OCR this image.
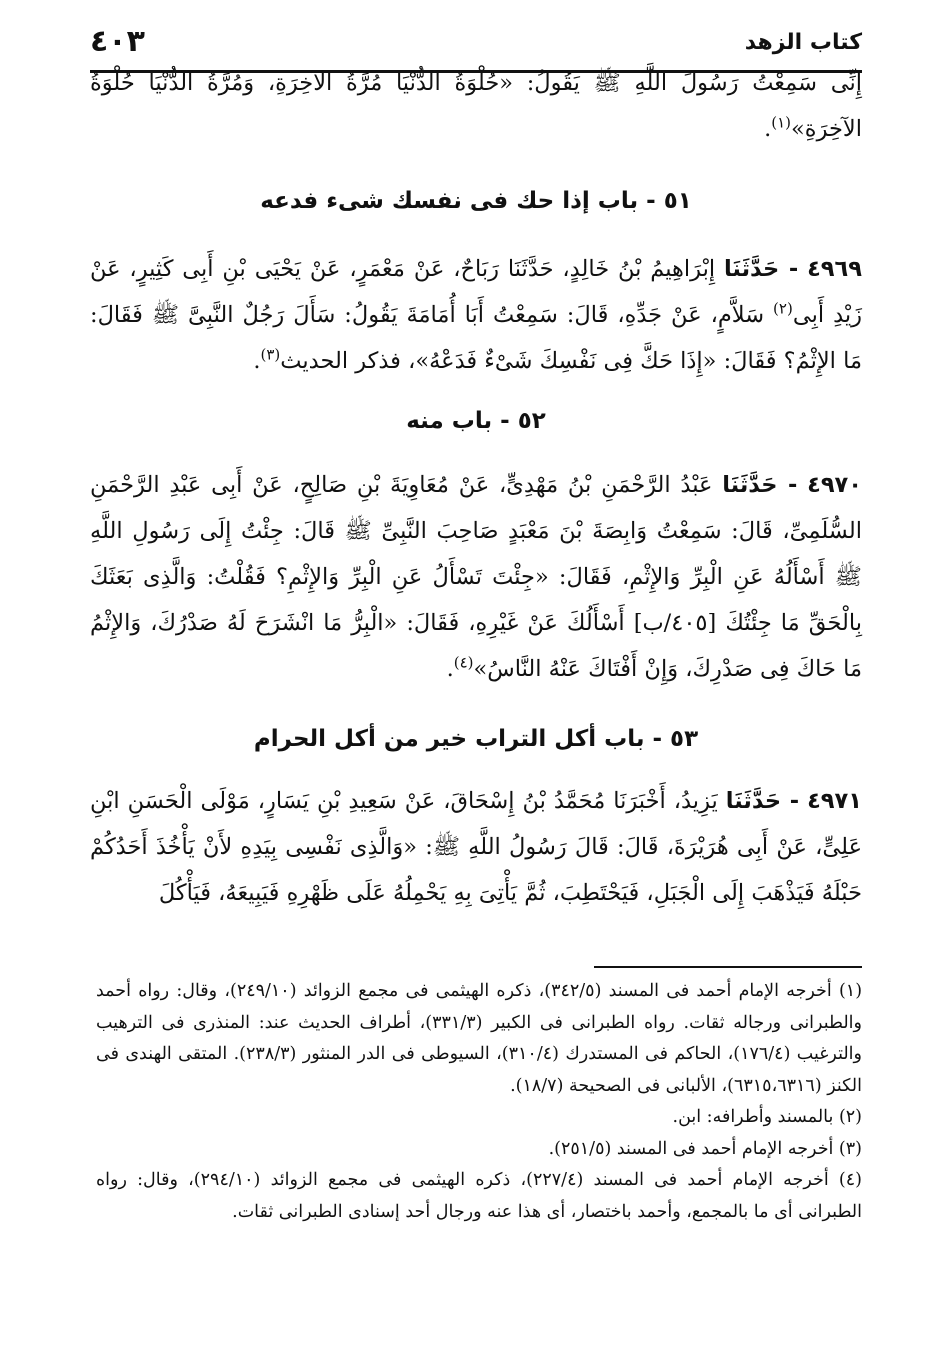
كتاب الزهد
٤٠٣

إِنِّى سَمِعْتُ رَسُولَ اللَّهِ ﷺ يَقُولُ: «حُلْوَةُ الدُّنْيَا مُرَّةُ الآخِرَةِ، وَمُرَّةُ الدُّنْيَا حُلْوَةُ الآخِرَةِ»$^{(١)}$.

٥١ - باب إذا حك فى نفسك شىء فدعه

٤٩٦٩ - حَدَّثَنَا إِبْرَاهِيمُ بْنُ خَالِدٍ، حَدَّثَنَا رَبَاحٌ، عَنْ مَعْمَرٍ، عَنْ يَحْيَى بْنِ أَبِى كَثِيرٍ، عَنْ زَيْدِ أَبِى$^{(٢)}$ سَلاَّمٍ، عَنْ جَدِّهِ، قَالَ: سَمِعْتُ أَبَا أُمَامَةَ يَقُولُ: سَأَلَ رَجُلٌ النَّبِىَّ ﷺ فَقَالَ: مَا الإِثْمُ؟ فَقَالَ: «إِذَا حَكَّ فِى نَفْسِكَ شَىْءٌ فَدَعْهُ»، فذكر الحديث$^{(٣)}$.

٥٢ - باب منه

٤٩٧٠ - حَدَّثَنَا عَبْدُ الرَّحْمَنِ بْنُ مَهْدِىٍّ، عَنْ مُعَاوِيَةَ بْنِ صَالِحٍ، عَنْ أَبِى عَبْدِ الرَّحْمَنِ السُّلَمِىِّ، قَالَ: سَمِعْتُ وَابِصَةَ بْنَ مَعْبَدٍ صَاحِبَ النَّبِىِّ ﷺ قَالَ: جِئْتُ إِلَى رَسُولِ اللَّهِ ﷺ أَسْأَلُهُ عَنِ الْبِرِّ وَالإِثْمِ، فَقَالَ: «جِئْتَ تَسْأَلُ عَنِ الْبِرِّ وَالإِثْمِ؟ فَقُلْتُ: وَالَّذِى بَعَثَكَ بِالْحَقِّ مَا جِئْتُكَ [٤٠٥/ب] أَسْأَلُكَ عَنْ غَيْرِهِ، فَقَالَ: «الْبِرُّ مَا انْشَرَحَ لَهُ صَدْرُكَ، وَالإِثْمُ مَا حَاكَ فِى صَدْرِكَ، وَإِنْ أَفْتَاكَ عَنْهُ النَّاسُ»$^{(٤)}$.

٥٣ - باب أكل التراب خير من أكل الحرام

٤٩٧١ - حَدَّثَنَا يَزِيدُ، أَخْبَرَنَا مُحَمَّدُ بْنُ إِسْحَاقَ، عَنْ سَعِيدِ بْنِ يَسَارٍ، مَوْلَى الْحَسَنِ ابْنِ عَلِىٍّ، عَنْ أَبِى هُرَيْرَةَ، قَالَ: قَالَ رَسُولُ اللَّهِ ﷺ: «وَالَّذِى نَفْسِى بِيَدِهِ لأَنْ يَأْخُذَ أَحَدُكُمْ حَبْلَهُ فَيَذْهَبَ إِلَى الْجَبَلِ، فَيَحْتَطِبَ، ثُمَّ يَأْتِىَ بِهِ يَحْمِلُهُ عَلَى ظَهْرِهِ فَيَبِيعَهُ، فَيَأْكُلَ

(١) أخرجه الإمام أحمد فى المسند (٣٤٢/٥)، ذكره الهيثمى فى مجمع الزوائد (٢٤٩/١٠)، وقال: رواه أحمد والطبرانى ورجاله ثقات. رواه الطبرانى فى الكبير (٣٣١/٣)، أطراف الحديث عند: المنذرى فى الترهيب والترغيب (١٧٦/٤)، الحاكم فى المستدرك (٣١٠/٤)، السيوطى فى الدر المنثور (٢٣٨/٣). المتقى الهندى فى الكنز (٦٣١٥،٦٣١٦)، الألبانى فى الصحيحة (١٨/٧).

(٢) بالمسند وأطرافه: ابن.

(٣) أخرجه الإمام أحمد فى المسند (٢٥١/٥).

(٤) أخرجه الإمام أحمد فى المسند (٢٢٧/٤)، ذكره الهيثمى فى مجمع الزوائد (٢٩٤/١٠)، وقال: رواه الطبرانى أى ما بالمجمع، وأحمد باختصار، أى هذا عنه ورجال أحد إسنادى الطبرانى ثقات.
